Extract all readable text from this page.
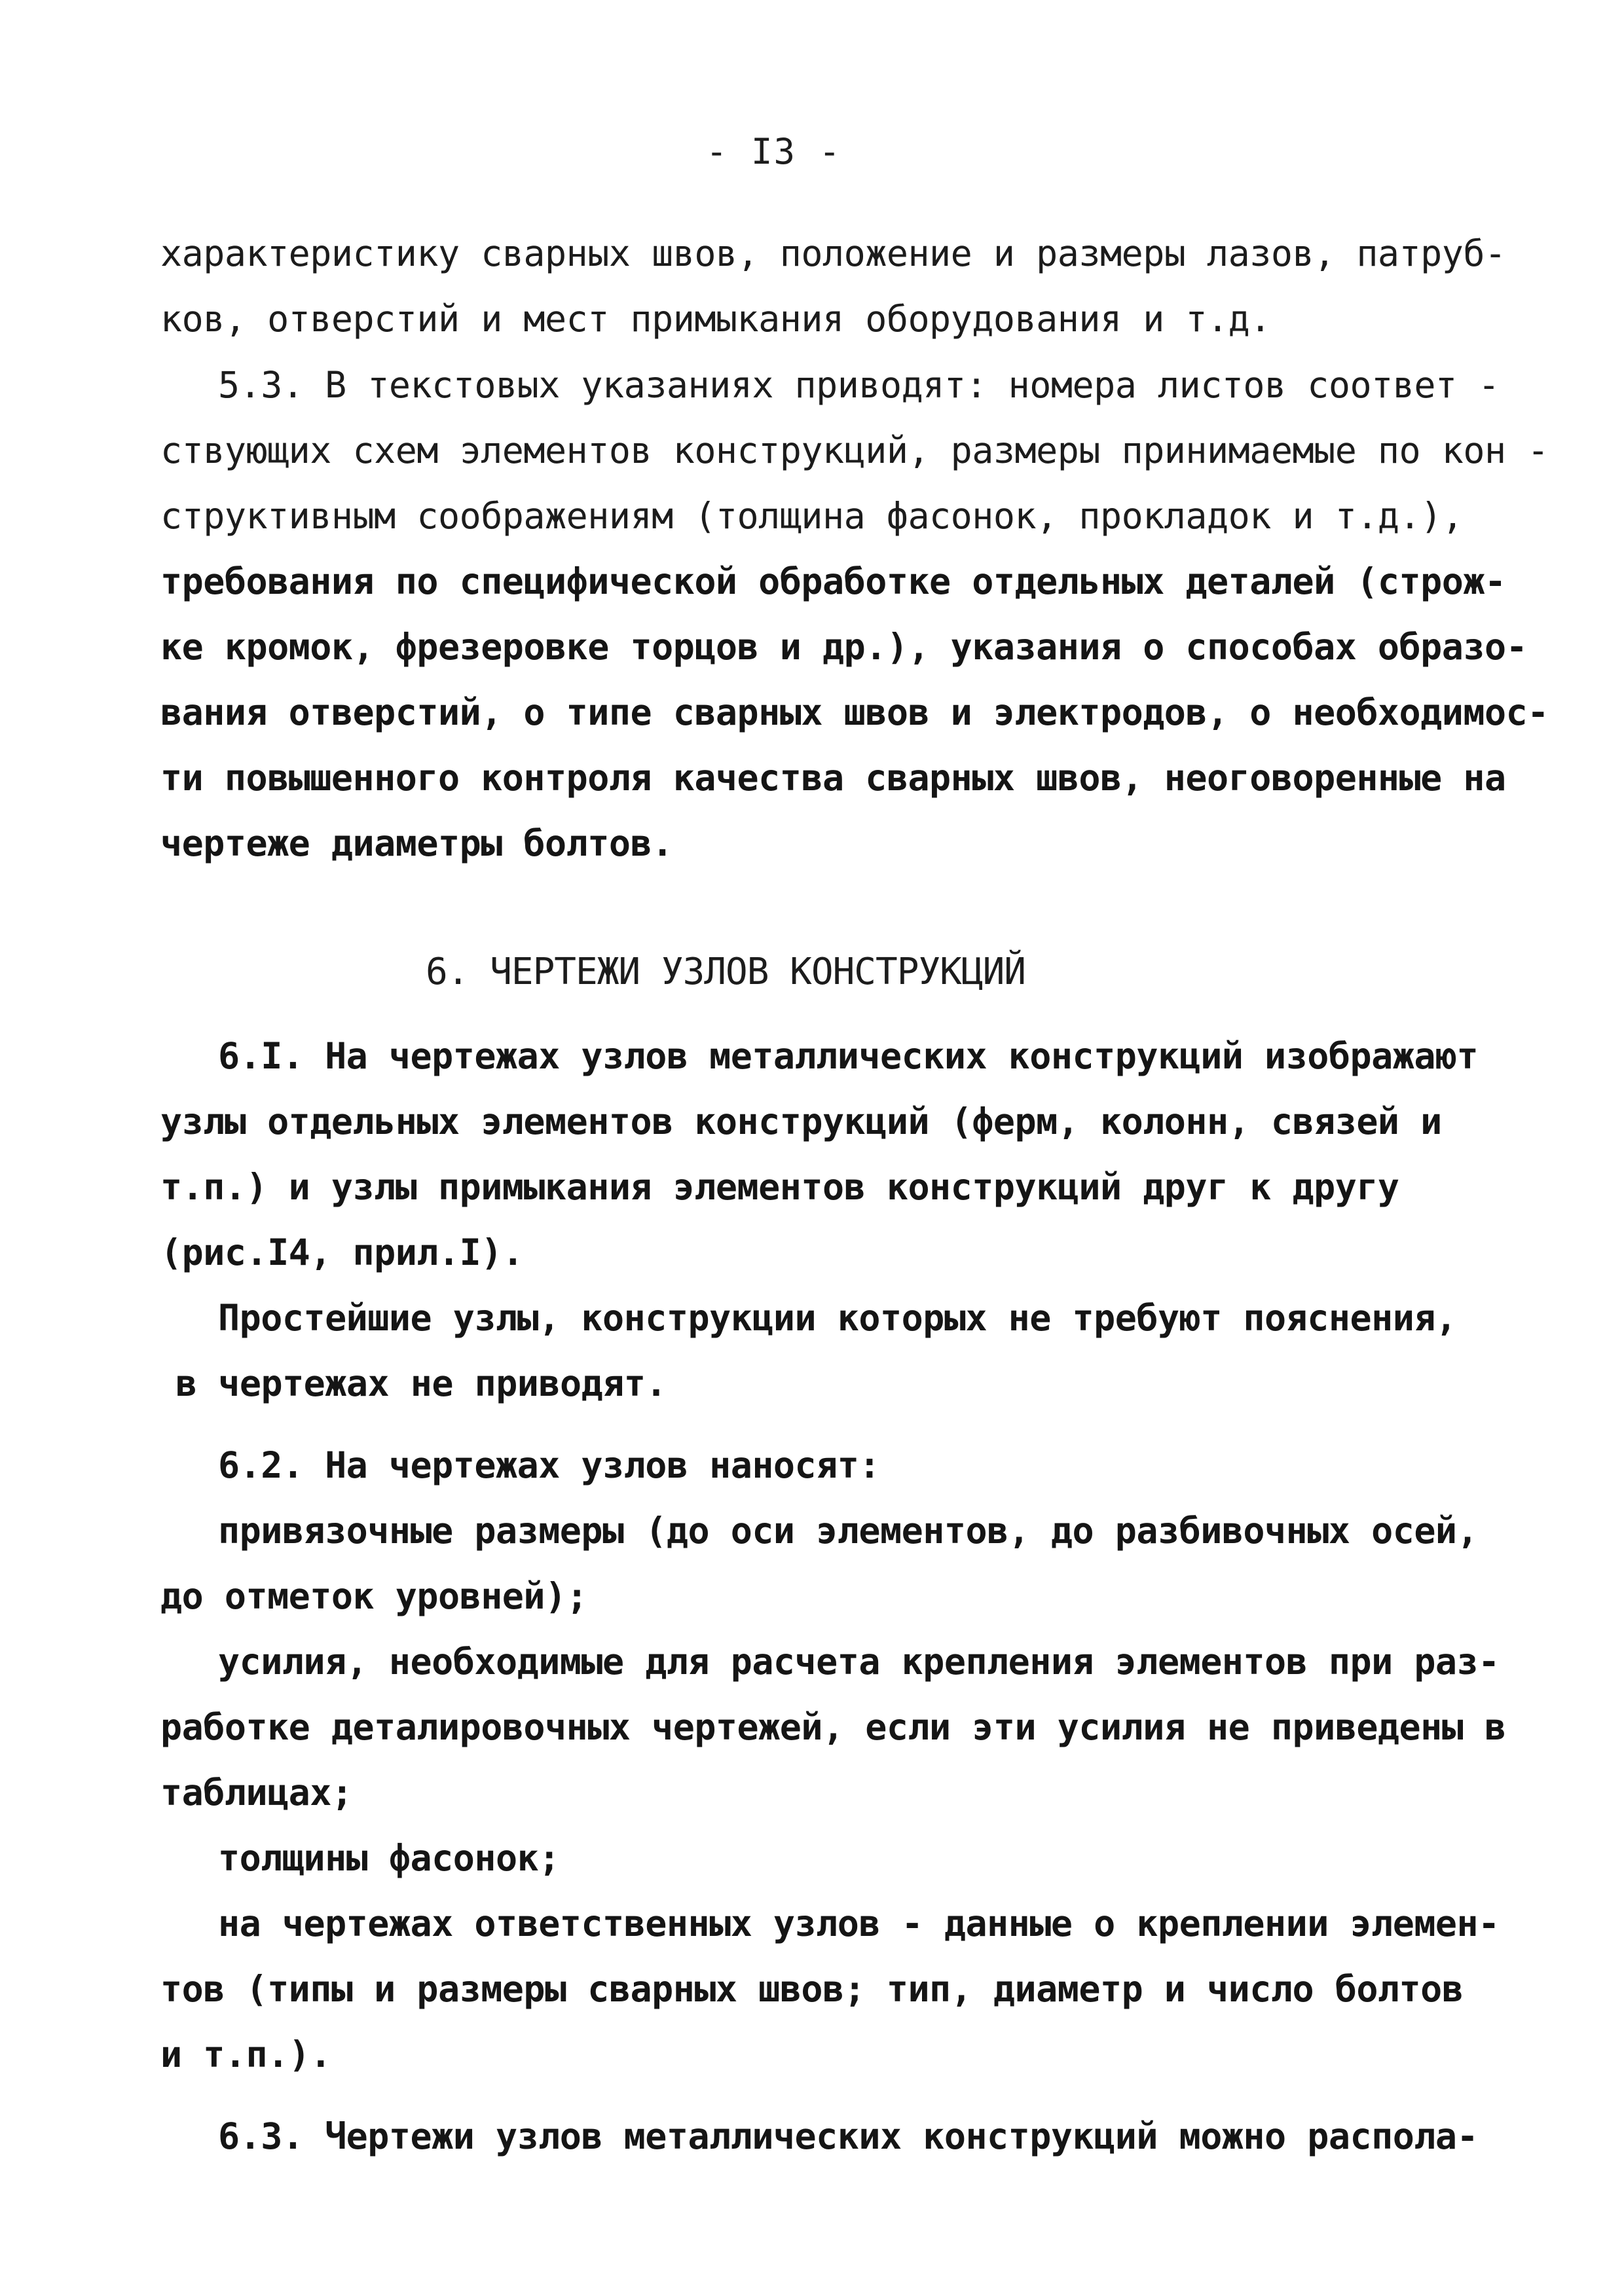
- I3 -
характеристику сварных швов, положение и размеры лазов, патруб-
ков, отверстий и мест примыкания оборудования и т.д.
5.3. В текстовых указаниях приводят: номера листов соответ -
ствующих схем элементов конструкций, размеры принимаемые по кон -
структивным соображениям (толщина фасонок, прокладок и т.д.),
требования по специфической обработке отдельных деталей (строж-
ке кромок, фрезеровке торцов и др.), указания о способах образо-
вания отверстий, о типе сварных швов и электродов, о необходимос-
ти повышенного контроля качества сварных швов, неоговоренные на
чертеже диаметры болтов.
6. ЧЕРТЕЖИ УЗЛОВ КОНСТРУКЦИЙ
6.I. На чертежах узлов металлических конструкций изображают
узлы отдельных элементов конструкций (ферм, колонн, связей и
т.п.) и узлы примыкания элементов конструкций друг к другу
(рис.I4, прил.I).
Простейшие узлы, конструкции которых не требуют пояснения,
в чертежах не приводят.
6.2. На чертежах узлов наносят:
привязочные размеры (до оси элементов, до разбивочных осей,
до отметок уровней);
усилия, необходимые для расчета крепления элементов при раз-
работке деталировочных чертежей, если эти усилия не приведены в
таблицах;
толщины фасонок;
на чертежах ответственных узлов - данные о креплении элемен-
тов (типы и размеры сварных швов; тип, диаметр и число болтов
и т.п.).
6.3. Чертежи узлов металлических конструкций можно распола-
